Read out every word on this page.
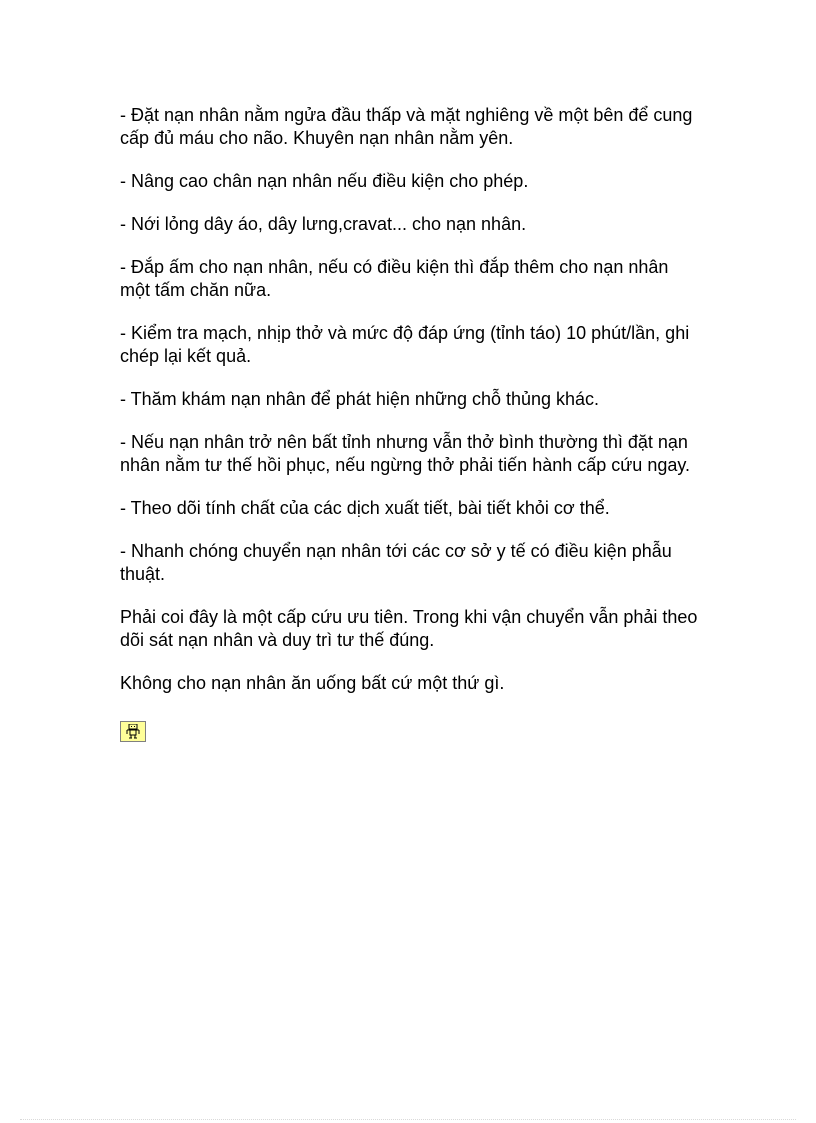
- Đặt nạn nhân nằm ngửa đầu thấp và mặt nghiêng về một bên để cung cấp đủ máu cho não. Khuyên nạn nhân nằm yên.

- Nâng cao chân nạn nhân nếu điều kiện cho phép.

- Nới lỏng dây áo, dây lưng,cravat... cho nạn nhân.

- Đắp ấm cho nạn nhân, nếu có điều kiện thì đắp thêm cho nạn nhân một tấm chăn nữa.

- Kiểm tra mạch, nhịp thở và mức độ đáp ứng (tỉnh táo) 10 phút/lần, ghi chép lại kết quả.

- Thăm khám nạn nhân để phát hiện những chỗ thủng khác.

- Nếu nạn nhân trở nên bất tỉnh nhưng vẫn thở bình thường thì đặt nạn nhân nằm tư thế hồi phục, nếu ngừng thở phải tiến hành cấp cứu ngay.

- Theo dõi tính chất của các dịch xuất tiết, bài tiết khỏi cơ thể.

- Nhanh chóng chuyển nạn nhân tới các cơ sở y tế có điều kiện phẫu thuật.

Phải coi đây là một cấp cứu ưu tiên. Trong khi vận chuyển vẫn phải theo dõi sát nạn nhân và duy trì tư thế đúng.

Không cho nạn nhân ăn uống bất cứ một thứ gì.
